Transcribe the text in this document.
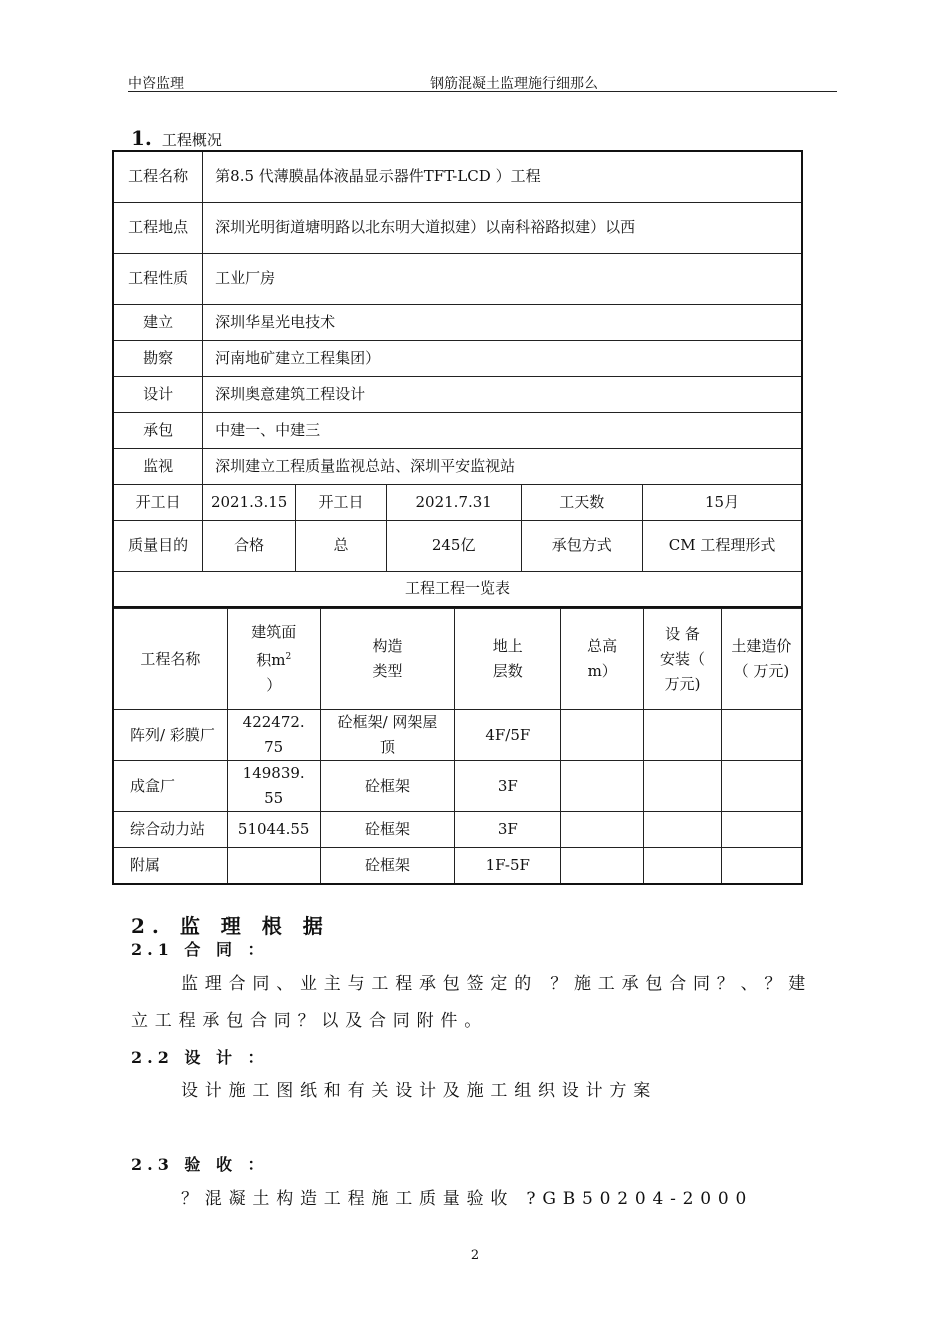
中咨监理	钢筋混凝土监理施行细那么
1. 工程概况
工程名称	第8.5 代薄膜晶体液晶显示器件TFT-LCD ）工程				
工程地点	深圳光明街道塘明路以北东明大道拟建）以南科裕路拟建）以西				
工程性质	工业厂房				
建立	深圳华星光电技术				
勘察	河南地矿建立工程集团）				
设计	深圳奥意建筑工程设计				
承包	中建一、中建三				
监视	深圳建立工程质量监视总站、深圳平安监视站				
开工日	2021.3.15	开工日	2021.7.31	工天数	15月
质量目的	合格	总	245亿	承包方式	CM 工程理形式
工程工程一览表					
工程名称	建筑面积$m^2$ ）	构造类型	地上层数	总高m）	设 备安装（ 万元)	土建造价（ 万元)
阵列/ 彩膜厂	422472.75	砼框架/ 网架屋顶	4F/5F			
成盒厂	149839.55	砼框架	3F			
综合动力站	51044.55	砼框架	3F			
附属		砼框架	1F-5F			
2. 监 理 根 据
2.1 合 同 ：
监理合同、业主与工程承包签定的 ？施工承包合同？、？建立工程承包合同？以及合同附件。
2.2 设 计 ：
设计施工图纸和有关设计及施工组织设计方案
2.3 验 收 ：
？混凝土构造工程施工质量验收 ?GB50204-2000
2
